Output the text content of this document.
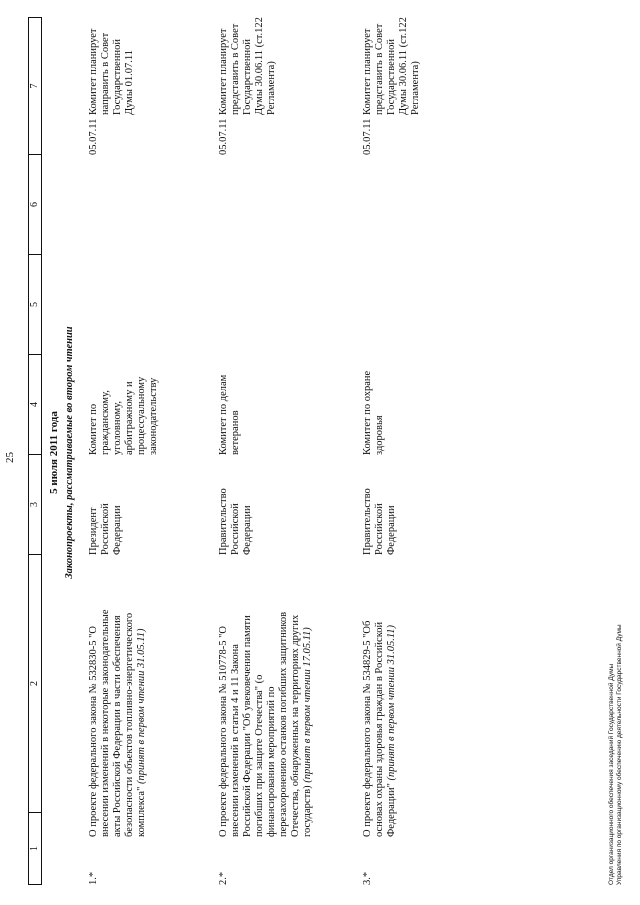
25
1
2
3
4
5
6
7
5 июля 2011 года Законопроекты, рассматриваемые во втором чтении
1.*
О проекте федерального закона № 532830-5 "О внесении изменений в некоторые законодательные акты Российской Федерации в части обеспечения безопасности объектов топливно-энергетического комплекса" (принят в первом чтении 31.05.11)
Президент Российской Федерации
Комитет по гражданскому, уголовному, арбитражному и процессуальному законодательству
05.07.11
Комитет планирует направить в Совет Государственной Думы 01.07.11
2.*
О проекте федерального закона № 510778-5 "О внесении изменений в статьи 4 и 11 Закона Российской Федерации "Об увековечении памяти погибших при защите Отечества" (о финансировании мероприятий по перезахоронению останков погибших защитников Отечества, обнаруженных на территориях других государств) (принят в первом чтении 17.05.11)
Правительство Российской Федерации
Комитет по делам ветеранов
05.07.11
Комитет планирует представить в Совет Государственной Думы 30.06.11 (ст.122 Регламента)
3.*
О проекте федерального закона № 534829-5 "Об основах охраны здоровья граждан в Российской Федерации" (принят в первом чтении 31.05.11)
Правительство Российской Федерации
Комитет по охране здоровья
05.07.11
Комитет планирует представить в Совет Государственной Думы 30.06.11 (ст.122 Регламента)
Отдел организационного обеспечения заседаний Государственной Думы Управления по организационному обеспечению деятельности Государственной Думы
